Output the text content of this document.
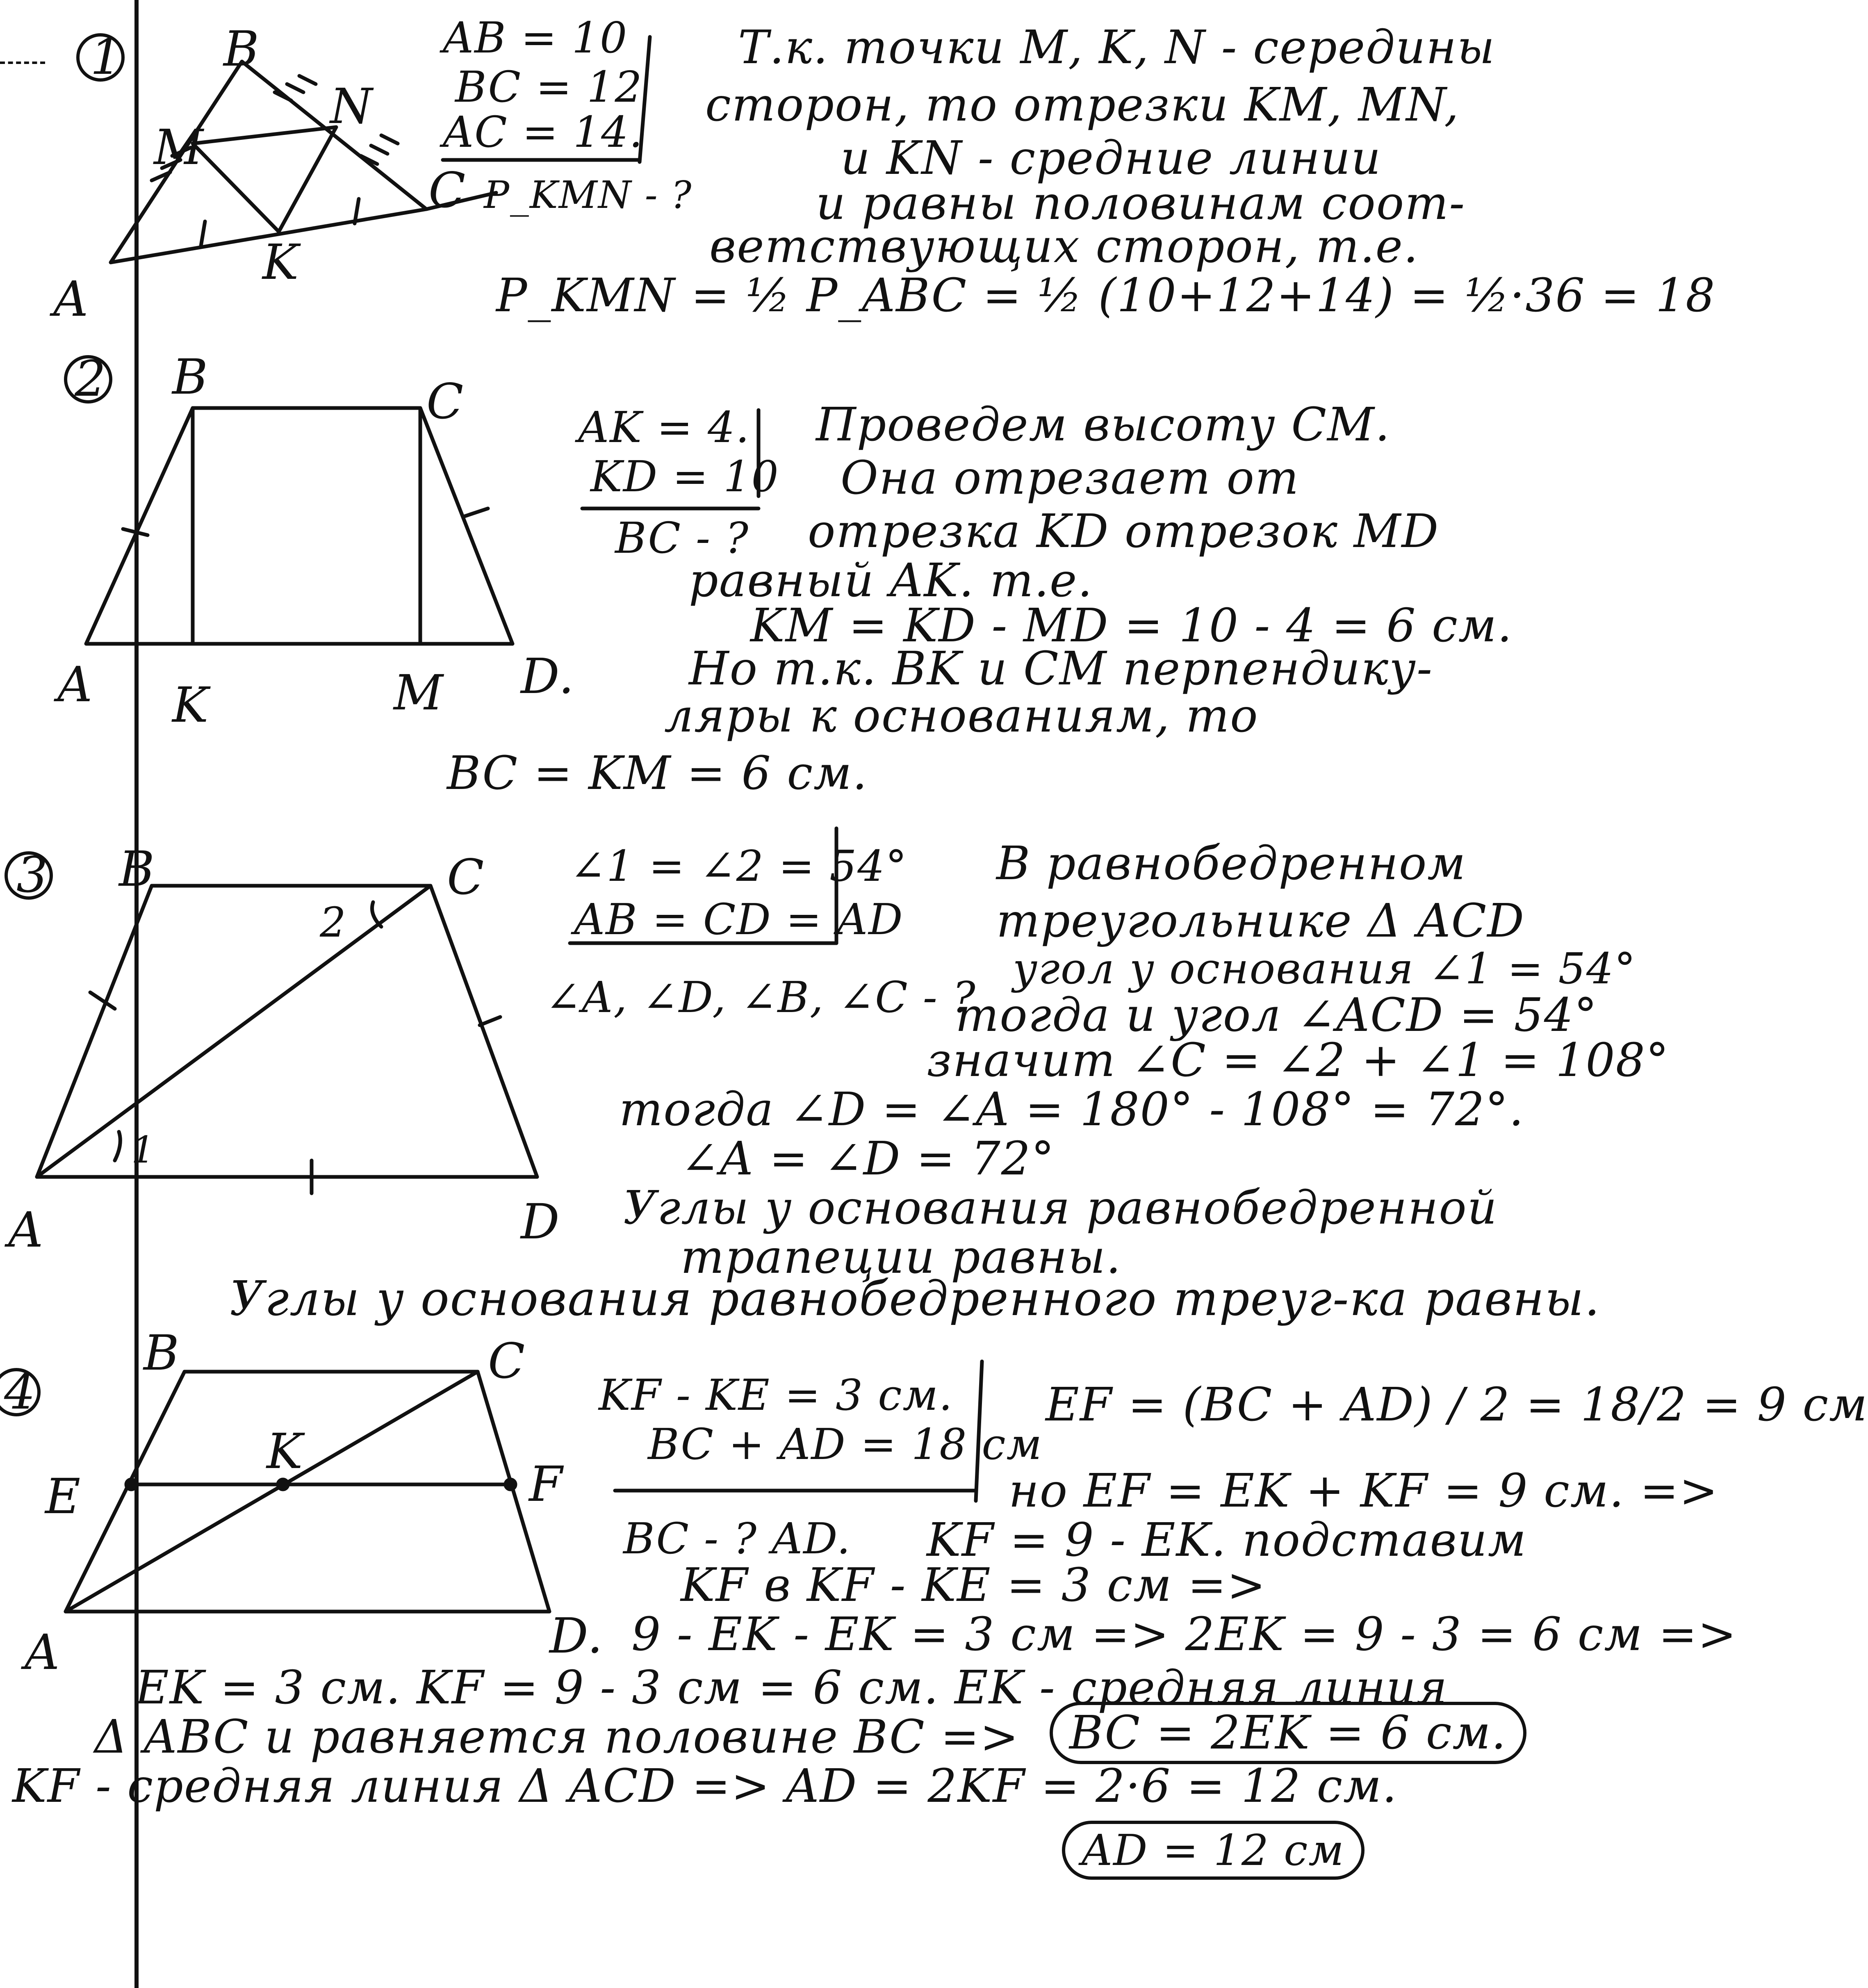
1 B
M
N
C
K
A
AB = 10
BC = 12
AC = 14.
P_KMN - ?
Т.к. точки M, K, N - середины
сторон, то отрезки KM, MN,
и KN - средние линии
и равны половинам соот-
ветствующих сторон, т.е.
P_KMN = ½ P_ABC = ½ (10+12+14) = ½·36 = 18
2 B	C
A K	M D.
AK = 4.
KD = 10
BC - ?
Проведем высоту CM.
Она отрезает от
отрезка KD отрезок MD
равный AK. т.е.
KM = KD - MD = 10 - 4 = 6 см.
Но т.к. BK и CM перпендику-
ляры к основаниям, то
BC = KM = 6 см.
3 B	C
A	D
1
2
∠1 = ∠2 = 54°
AB = CD = AD
∠A, ∠D, ∠B, ∠C - ?
В равнобедренном
треугольнике Δ ACD
угол у основания ∠1 = 54°
тогда и угол ∠ACD = 54°
значит ∠C = ∠2 + ∠1 = 108°
тогда ∠D = ∠A = 180° - 108° = 72°.
∠A = ∠D = 72°
Углы у основания равнобедренной
трапеции равны.
Углы у основания равнобедренного треуг-ка равны.
4
B	C
E
K
F
A	D.
KF - KE = 3 см.
BC + AD = 18 см
BC - ? AD.
EF = (BC + AD) / 2 = 18/2 = 9 см
но EF = EK + KF = 9 см. =>
KF = 9 - EK. подставим
KF в KF - KE = 3 см =>
9 - EK - EK = 3 см => 2EK = 9 - 3 = 6 см =>
EK = 3 см. KF = 9 - 3 см = 6 см. EK - средняя линия
Δ ABC и равняется половине BC =>
KF - средняя линия Δ ACD => AD = 2KF = 2·6 = 12 см.
BC = 2EK = 6 см.
AD = 12 см
